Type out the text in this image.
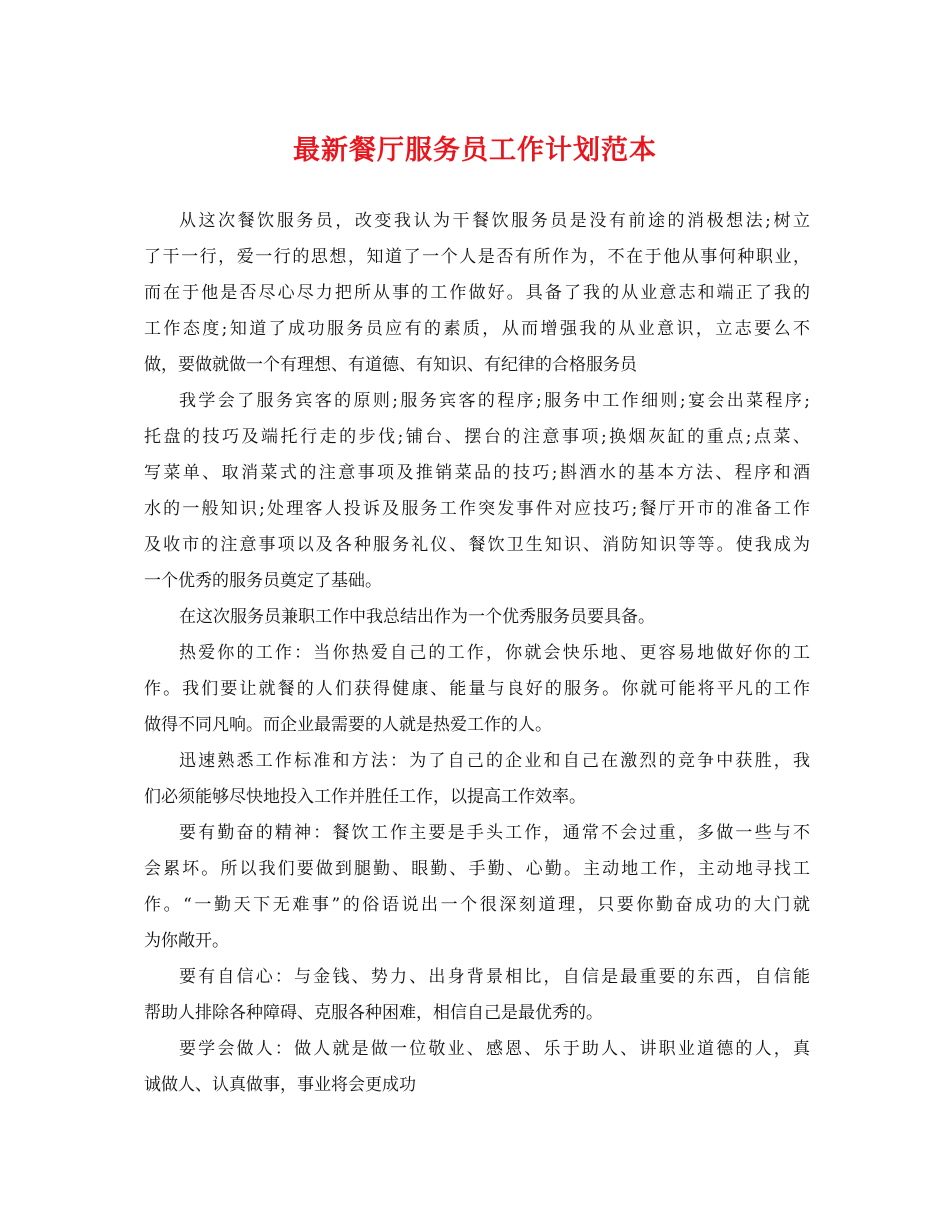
最新餐厅服务员工作计划范本

从这次餐饮服务员，改变我认为干餐饮服务员是没有前途的消极想法;树立
了干一行，爱一行的思想，知道了一个人是否有所作为，不在于他从事何种职业，
而在于他是否尽心尽力把所从事的工作做好。具备了我的从业意志和端正了我的
工作态度;知道了成功服务员应有的素质，从而增强我的从业意识，立志要么不
做，要做就做一个有理想、有道德、有知识、有纪律的合格服务员

我学会了服务宾客的原则;服务宾客的程序;服务中工作细则;宴会出菜程序;
托盘的技巧及端托行走的步伐;铺台、摆台的注意事项;换烟灰缸的重点;点菜、
写菜单、取消菜式的注意事项及推销菜品的技巧;斟酒水的基本方法、程序和酒
水的一般知识;处理客人投诉及服务工作突发事件对应技巧;餐厅开市的准备工作
及收市的注意事项以及各种服务礼仪、餐饮卫生知识、消防知识等等。使我成为
一个优秀的服务员奠定了基础。

在这次服务员兼职工作中我总结出作为一个优秀服务员要具备。

热爱你的工作：当你热爱自己的工作，你就会快乐地、更容易地做好你的工
作。我们要让就餐的人们获得健康、能量与良好的服务。你就可能将平凡的工作
做得不同凡响。而企业最需要的人就是热爱工作的人。

迅速熟悉工作标准和方法：为了自己的企业和自己在激烈的竞争中获胜，我
们必须能够尽快地投入工作并胜任工作，以提高工作效率。

要有勤奋的精神：餐饮工作主要是手头工作，通常不会过重，多做一些与不
会累坏。所以我们要做到腿勤、眼勤、手勤、心勤。主动地工作，主动地寻找工
作。“一勤天下无难事”的俗语说出一个很深刻道理，只要你勤奋成功的大门就
为你敞开。

要有自信心：与金钱、势力、出身背景相比，自信是最重要的东西，自信能
帮助人排除各种障碍、克服各种困难，相信自己是最优秀的。

要学会做人：做人就是做一位敬业、感恩、乐于助人、讲职业道德的人，真
诚做人、认真做事，事业将会更成功
